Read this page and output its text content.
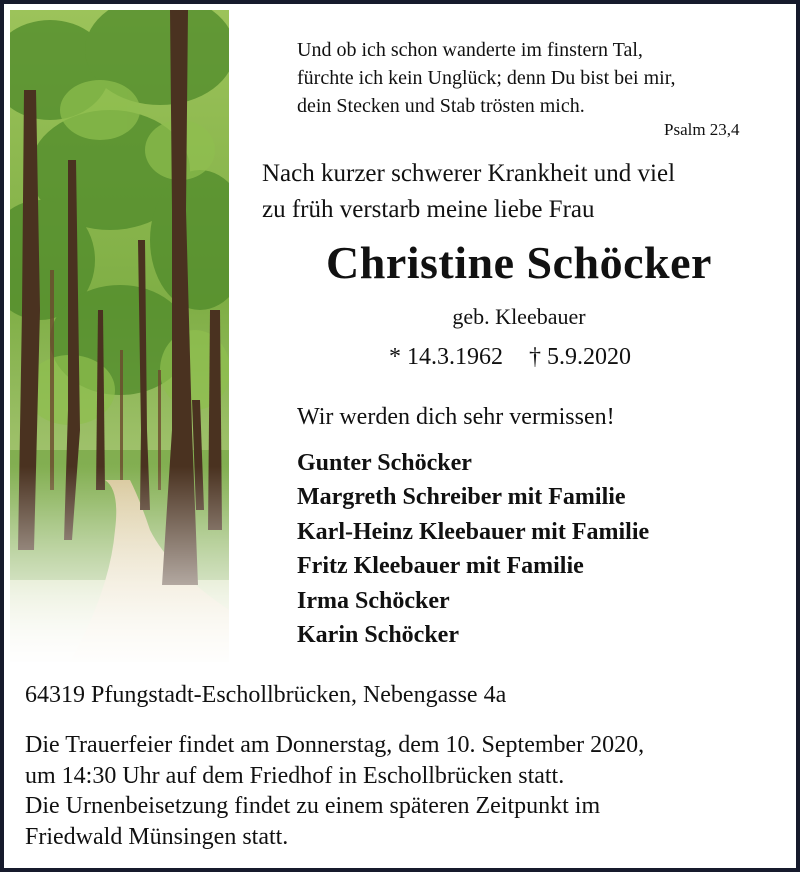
Und ob ich schon wanderte im finstern Tal,
fürchte ich kein Unglück; denn Du bist bei mir,
dein Stecken und Stab trösten mich.
Psalm 23,4
Nach kurzer schwerer Krankheit und viel
zu früh verstarb meine liebe Frau
Christine Schöcker
geb. Kleebauer
* 14.3.1962 † 5.9.2020
Wir werden dich sehr vermissen!
Gunter Schöcker
Margreth Schreiber mit Familie
Karl-Heinz Kleebauer mit Familie
Fritz Kleebauer mit Familie
Irma Schöcker
Karin Schöcker
64319 Pfungstadt-Eschollbrücken, Nebengasse 4a

Die Trauerfeier findet am Donnerstag, dem 10. September 2020,

um 14:30 Uhr auf dem Friedhof in Eschollbrücken statt.

Die Urnenbeisetzung findet zu einem späteren Zeitpunkt im

Friedwald Münsingen statt.
